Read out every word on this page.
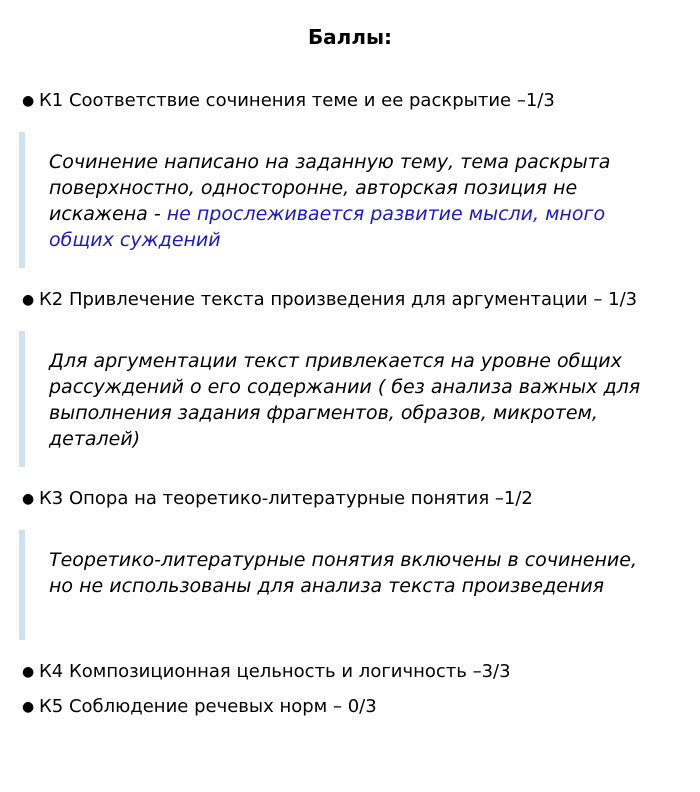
Баллы:
● К1 Соответствие сочинения теме и ее раскрытие –1/3
Сочинение написано на заданную тему, тема раскрыта поверхностно, односторонне, авторская позиция не искажена - не прослеживается развитие мысли, много общих суждений
● К2 Привлечение текста произведения для аргументации – 1/3
Для аргументации текст привлекается на уровне общих рассуждений о его содержании ( без анализа важных для выполнения задания фрагментов, образов, микротем, деталей)
● К3 Опора на теоретико-литературные понятия –1/2
Теоретико-литературные понятия включены в сочинение, но не использованы для анализа текста произведения
● К4 Композиционная цельность и логичность –3/3
● К5 Соблюдение речевых норм – 0/3
